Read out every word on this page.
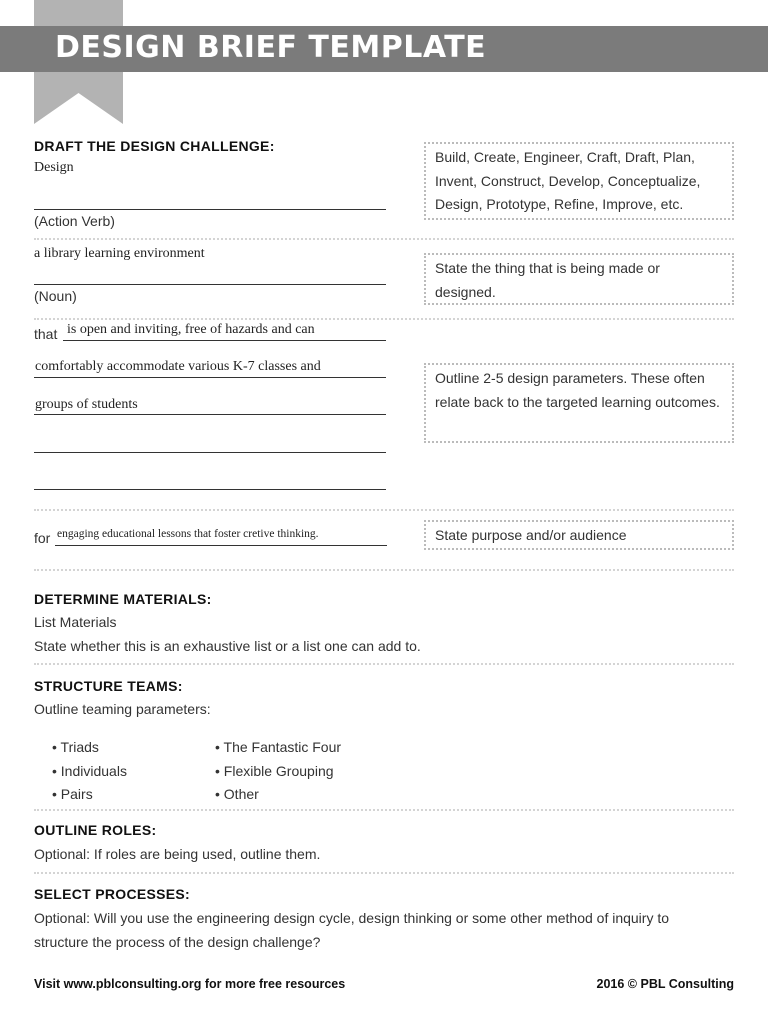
DESIGN BRIEF TEMPLATE
DRAFT THE DESIGN CHALLENGE:
Design
(Action Verb)
Build, Create, Engineer, Craft, Draft, Plan, Invent, Construct, Develop, Conceptualize, Design, Prototype, Refine, Improve, etc.
a library learning environment
(Noun)
State the thing that is being made or designed.
that is open and inviting, free of hazards and can
comfortably accommodate various K-7 classes and
groups of students
Outline 2-5 design parameters. These often relate back to the targeted learning outcomes.
for engaging educational lessons that foster cretive thinking.	State purpose and/or audience
DETERMINE MATERIALS:
List Materials
State whether this is an exhaustive list or a list one can add to.
STRUCTURE TEAMS:
Outline teaming parameters:
• Triads
• Individuals
• Pairs
• The Fantastic Four
• Flexible Grouping
• Other
OUTLINE ROLES:
Optional: If roles are being used, outline them.
SELECT PROCESSES:
Optional: Will you use the engineering design cycle, design thinking or some other method of inquiry to
structure the process of the design challenge?
Visit www.pblconsulting.org for more free resources	2016 © PBL Consulting
